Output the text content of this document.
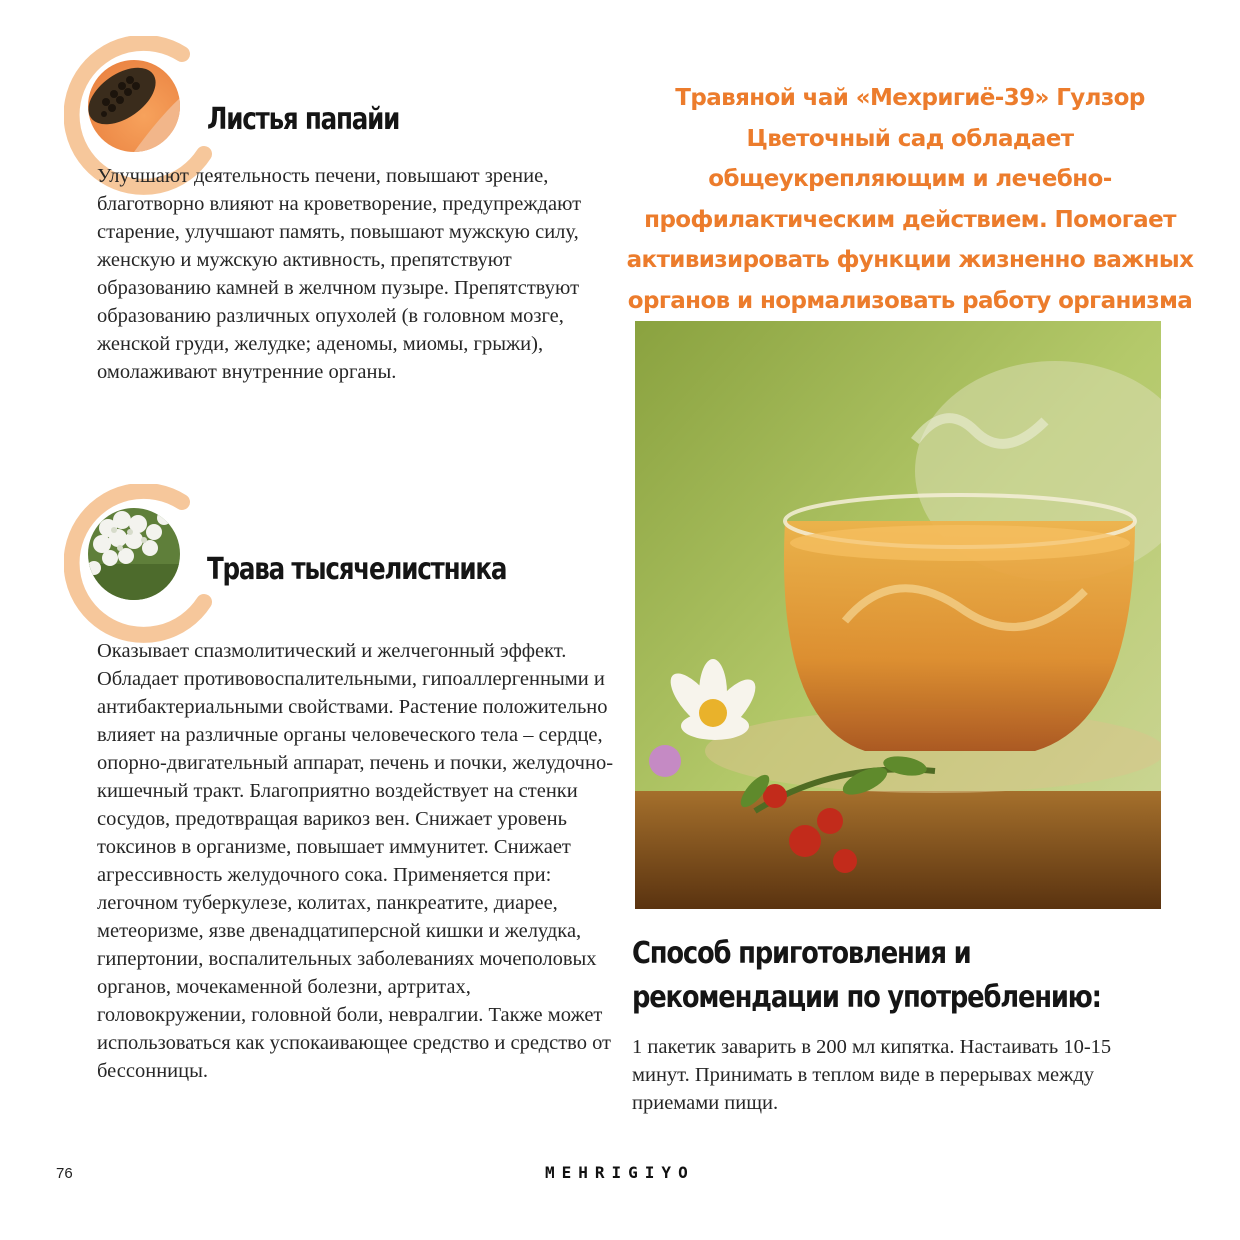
Листья папайи
Улучшают деятельность печени, повышают зрение, благотворно влияют на кроветворение, предупреждают старение, улучшают память, повышают мужскую силу, женскую и мужскую активность, препятствуют образованию камней в желчном пузыре. Препятствуют образованию различных опухолей (в головном мозге, женской груди, желудке; аденомы, миомы, грыжи), омолаживают внутренние органы.
Трава тысячелистника
Оказывает спазмолитический и желчегонный эффект. Обладает противовоспалительными, гипоаллергенными и антибактериальными свойствами. Растение положительно влияет на различные органы человеческого тела – сердце, опорно-двигательный аппарат, печень и почки, желудочно-кишечный тракт. Благоприятно воздействует на стенки сосудов, предотвращая варикоз вен. Снижает уровень токсинов в организме, повышает иммунитет. Снижает агрессивность желудочного сока. Применяется при: легочном туберкулезе, колитах, панкреатите, диарее, метеоризме, язве двенадцатиперсной кишки и желудка, гипертонии, воспалительных заболеваниях мочеполовых органов, мочекаменной болезни, артритах, головокружении, головной боли, невралгии. Также может использоваться как успокаивающее средство и средство от бессонницы.
Травяной чай «Мехригиё-39» Гулзор Цветочный сад обладает общеукрепляющим и лечебно-профилактическим действием. Помогает активизировать функции жизненно важных органов и нормализовать работу организма
Способ приготовления и рекомендации по употреблению:
1 пакетик заварить в 200 мл кипятка. Настаивать 10-15 минут. Принимать в теплом виде в перерывах между приемами пищи.
76	MEHRIGIYO
